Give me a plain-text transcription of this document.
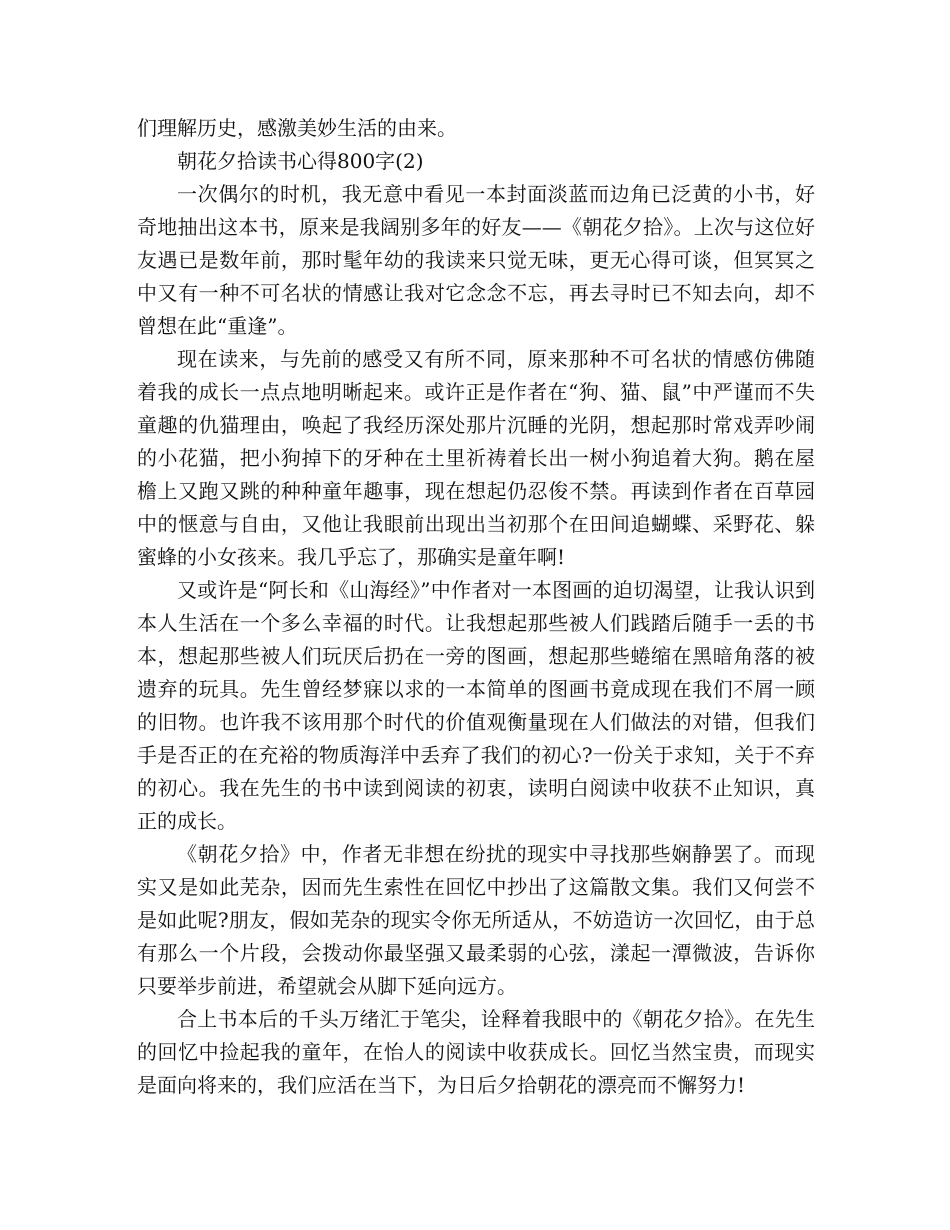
们理解历史，感激美妙生活的由来。

朝花夕拾读书心得800字(2)

一次偶尔的时机，我无意中看见一本封面淡蓝而边角已泛黄的小书，好奇地抽出这本书，原来是我阔别多年的好友——《朝花夕拾》。上次与这位好友遇已是数年前，那时髦年幼的我读来只觉无味，更无心得可谈，但冥冥之中又有一种不可名状的情感让我对它念念不忘，再去寻时已不知去向，却不曾想在此“重逢”。

现在读来，与先前的感受又有所不同，原来那种不可名状的情感仿佛随着我的成长一点点地明晰起来。或许正是作者在“狗、猫、鼠”中严谨而不失童趣的仇猫理由，唤起了我经历深处那片沉睡的光阴，想起那时常戏弄吵闹的小花猫，把小狗掉下的牙种在土里祈祷着长出一树小狗追着大狗。鹅在屋檐上又跑又跳的种种童年趣事，现在想起仍忍俊不禁。再读到作者在百草园中的惬意与自由，又他让我眼前出现出当初那个在田间追蝴蝶、采野花、躲蜜蜂的小女孩来。我几乎忘了，那确实是童年啊!

又或许是“阿长和《山海经》”中作者对一本图画的迫切渴望，让我认识到本人生活在一个多么幸福的时代。让我想起那些被人们践踏后随手一丢的书本，想起那些被人们玩厌后扔在一旁的图画，想起那些蜷缩在黑暗角落的被遗弃的玩具。先生曾经梦寐以求的一本简单的图画书竟成现在我们不屑一顾的旧物。也许我不该用那个时代的价值观衡量现在人们做法的对错，但我们手是否正的在充裕的物质海洋中丢弃了我们的初心?一份关于求知，关于不弃的初心。我在先生的书中读到阅读的初衷，读明白阅读中收获不止知识，真正的成长。

《朝花夕拾》中，作者无非想在纷扰的现实中寻找那些娴静罢了。而现实又是如此芜杂，因而先生索性在回忆中抄出了这篇散文集。我们又何尝不是如此呢?朋友，假如芜杂的现实令你无所适从，不妨造访一次回忆，由于总有那么一个片段，会拨动你最坚强又最柔弱的心弦，漾起一潭微波，告诉你只要举步前进，希望就会从脚下延向远方。

合上书本后的千头万绪汇于笔尖，诠释着我眼中的《朝花夕拾》。在先生的回忆中捡起我的童年，在怡人的阅读中收获成长。回忆当然宝贵，而现实是面向将来的，我们应活在当下，为日后夕拾朝花的漂亮而不懈努力!
